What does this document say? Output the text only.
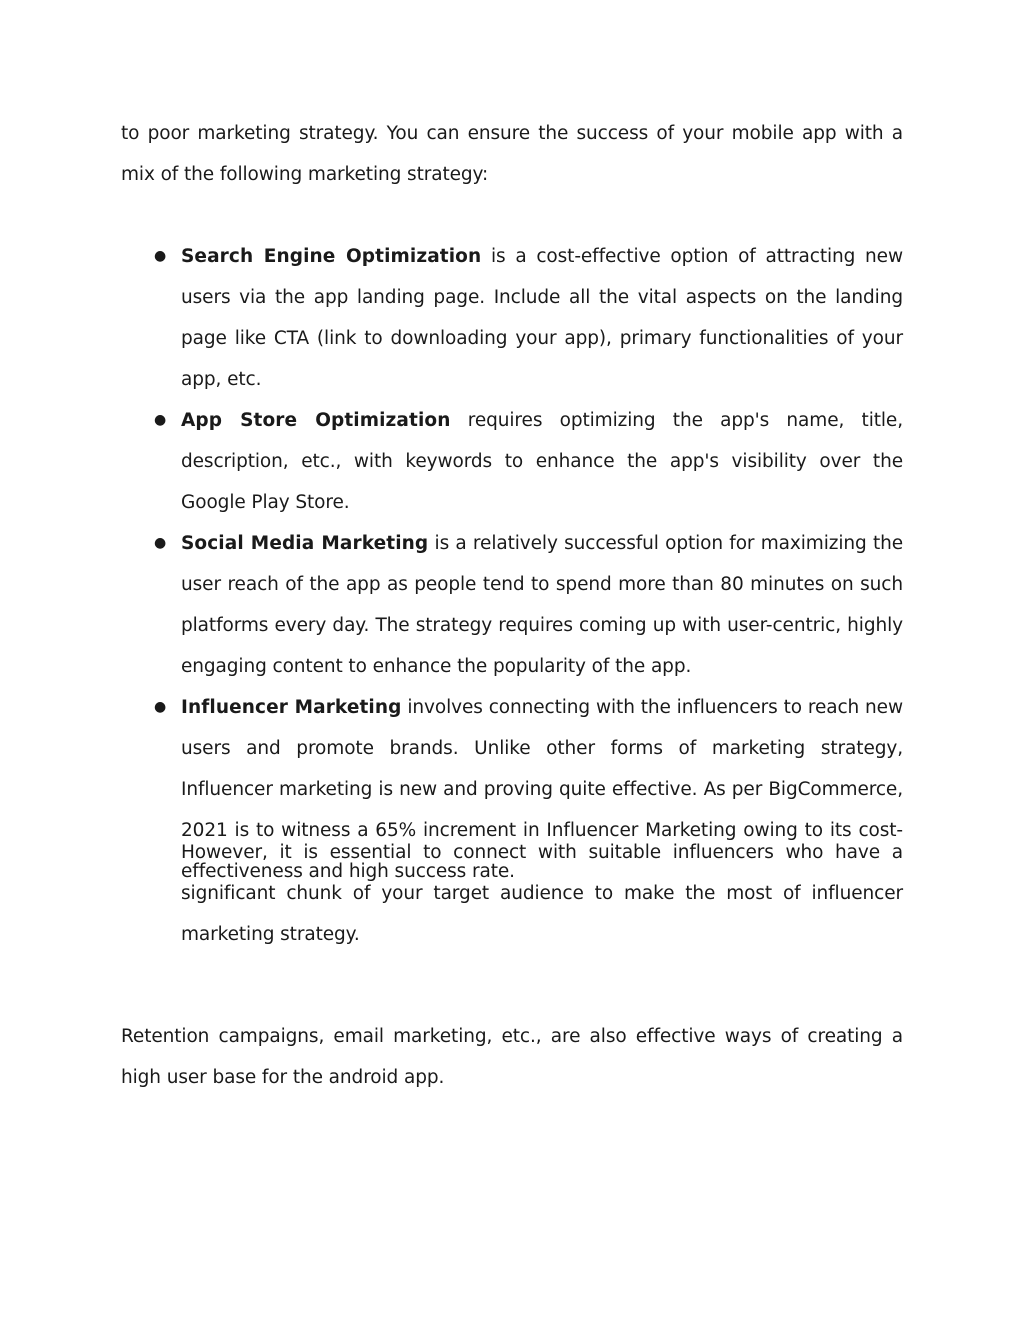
to poor marketing strategy. You can ensure the success of your mobile app with a mix of the following marketing strategy:

● Search Engine Optimization is a cost-effective option of attracting new users via the app landing page. Include all the vital aspects on the landing page like CTA (link to downloading your app), primary functionalities of your app, etc.
● App Store Optimization requires optimizing the app's name, title, description, etc., with keywords to enhance the app's visibility over the Google Play Store.
● Social Media Marketing is a relatively successful option for maximizing the user reach of the app as people tend to spend more than 80 minutes on such platforms every day. The strategy requires coming up with user-centric, highly engaging content to enhance the popularity of the app.
● Influencer Marketing involves connecting with the influencers to reach new users and promote brands. Unlike other forms of marketing strategy, Influencer marketing is new and proving quite effective. As per BigCommerce, 2021 is to witness a 65% increment in Influencer Marketing owing to its cost-effectiveness and high success rate.

However, it is essential to connect with suitable influencers who have a significant chunk of your target audience to make the most of influencer marketing strategy.

Retention campaigns, email marketing, etc., are also effective ways of creating a high user base for the android app.
